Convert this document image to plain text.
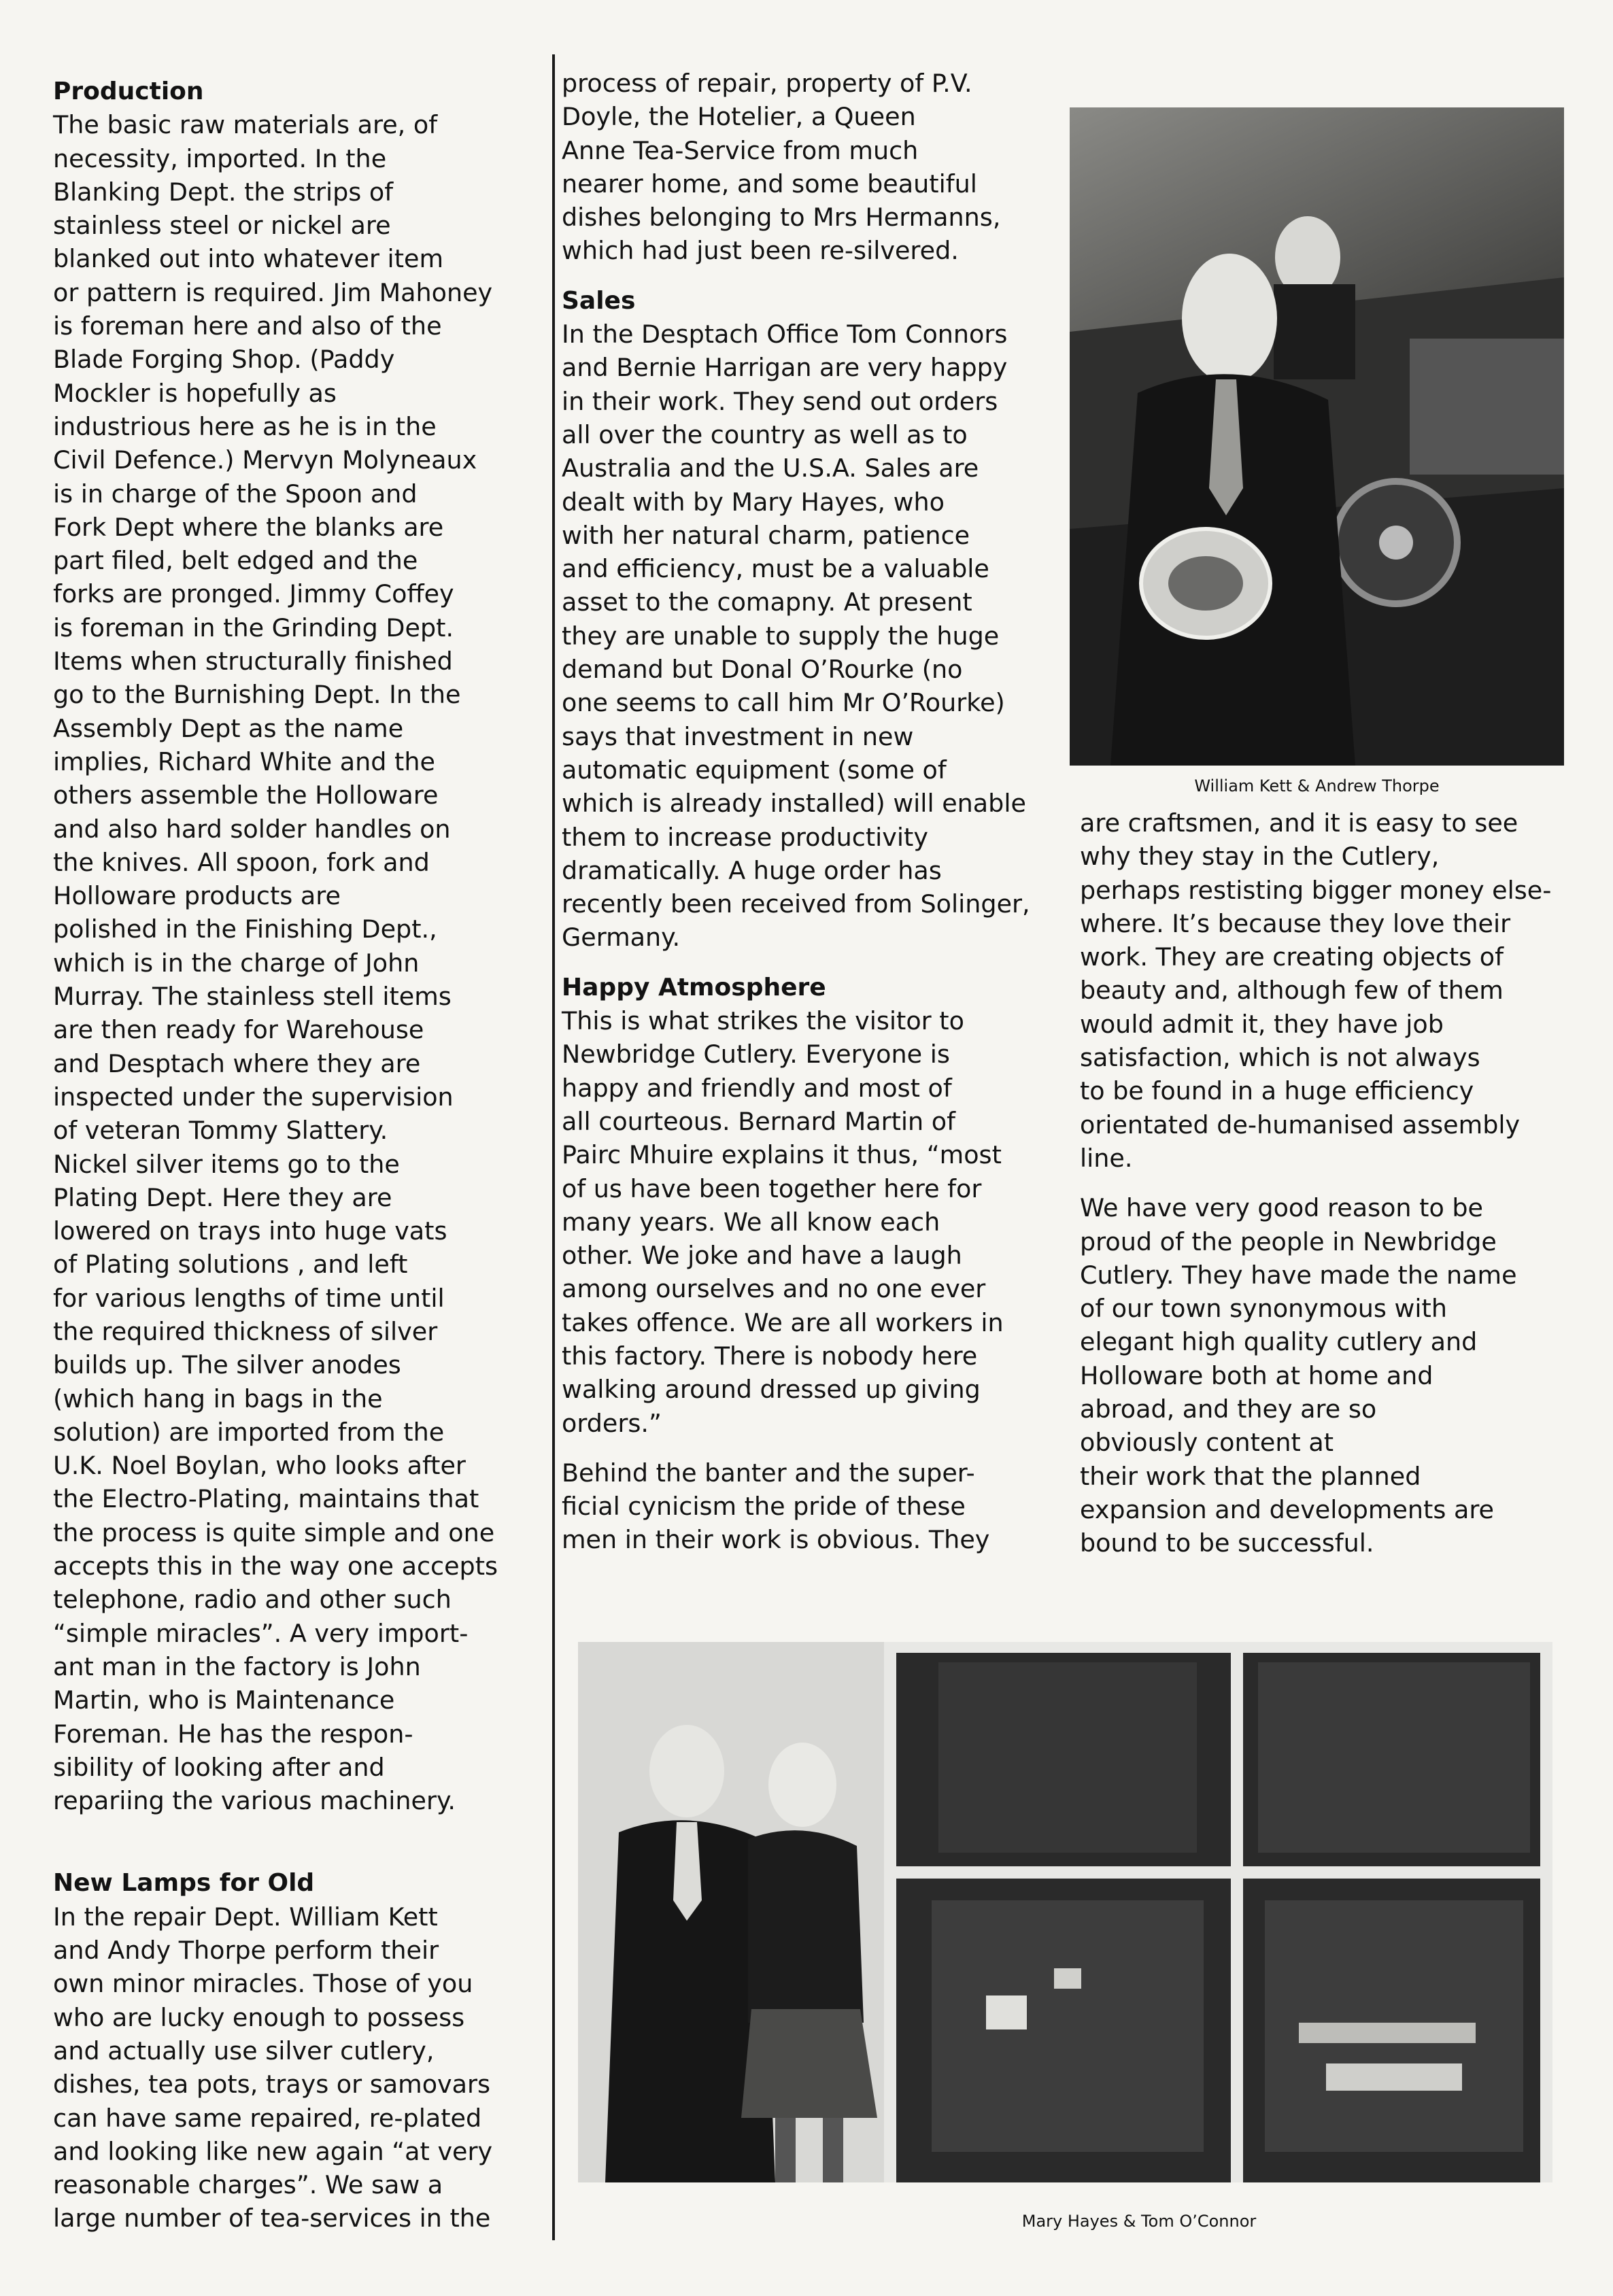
Production

The basic raw materials are, of
necessity, imported. In the
Blanking Dept. the strips of
stainless steel or nickel are
blanked out into whatever item
or pattern is required. Jim Mahoney
is foreman here and also of the
Blade Forging Shop. (Paddy
Mockler is hopefully as
industrious here as he is in the
Civil Defence.) Mervyn Molyneaux
is in charge of the Spoon and
Fork Dept where the blanks are
part filed, belt edged and the
forks are pronged. Jimmy Coffey
is foreman in the Grinding Dept.
Items when structurally finished
go to the Burnishing Dept. In the
Assembly Dept as the name
implies, Richard White and the
others assemble the Holloware
and also hard solder handles on
the knives. All spoon, fork and
Holloware products are
polished in the Finishing Dept.,
which is in the charge of John
Murray. The stainless stell items
are then ready for Warehouse
and Desptach where they are
inspected under the supervision
of veteran Tommy Slattery.
Nickel silver items go to the
Plating Dept. Here they are
lowered on trays into huge vats
of Plating solutions , and left
for various lengths of time until
the required thickness of silver
builds up. The silver anodes
(which hang in bags in the
solution) are imported from the
U.K. Noel Boylan, who looks after
the Electro-Plating, maintains that
the process is quite simple and one
accepts this in the way one accepts
telephone, radio and other such
“simple miracles”. A very import-
ant man in the factory is John
Martin, who is Maintenance
Foreman. He has the respon-
sibility of looking after and
repariing the various machinery.

New Lamps for Old

In the repair Dept. William Kett
and Andy Thorpe perform their
own minor miracles. Those of you
who are lucky enough to possess
and actually use silver cutlery,
dishes, tea pots, trays or samovars
can have same repaired, re-plated
and looking like new again “at very
reasonable charges”. We saw a
large number of tea-services in the

process of repair, property of P.V.
Doyle, the Hotelier, a Queen
Anne Tea-Service from much
nearer home, and some beautiful
dishes belonging to Mrs Hermanns,
which had just been re-silvered.

Sales

In the Desptach Office Tom Connors
and Bernie Harrigan are very happy
in their work. They send out orders
all over the country as well as to
Australia and the U.S.A. Sales are
dealt with by Mary Hayes, who
with her natural charm, patience
and efficiency, must be a valuable
asset to the comapny. At present
they are unable to supply the huge
demand but Donal O’Rourke (no
one seems to call him Mr O’Rourke)
says that investment in new
automatic equipment (some of
which is already installed) will enable
them to increase productivity
dramatically. A huge order has
recently been received from Solinger,
Germany.

Happy Atmosphere

This is what strikes the visitor to
Newbridge Cutlery. Everyone is
happy and friendly and most of
all courteous. Bernard Martin of
Pairc Mhuire explains it thus, “most
of us have been together here for
many years. We all know each
other. We joke and have a laugh
among ourselves and no one ever
takes offence. We are all workers in
this factory. There is nobody here
walking around dressed up giving
orders.”

Behind the banter and the super-
ficial cynicism the pride of these
men in their work is obvious. They

William Kett & Andrew Thorpe

are craftsmen, and it is easy to see
why they stay in the Cutlery,
perhaps restisting bigger money else-
where. It’s because they love their
work. They are creating objects of
beauty and, although few of them
would admit it, they have job
satisfaction, which is not always
to be found in a huge efficiency
orientated de-humanised assembly
line.

We have very good reason to be
proud of the people in Newbridge
Cutlery. They have made the name
of our town synonymous with
elegant high quality cutlery and
Holloware both at home and
abroad, and they are so
obviously content at
their work that the planned
expansion and developments are
bound to be successful.

Mary Hayes & Tom O’Connor
